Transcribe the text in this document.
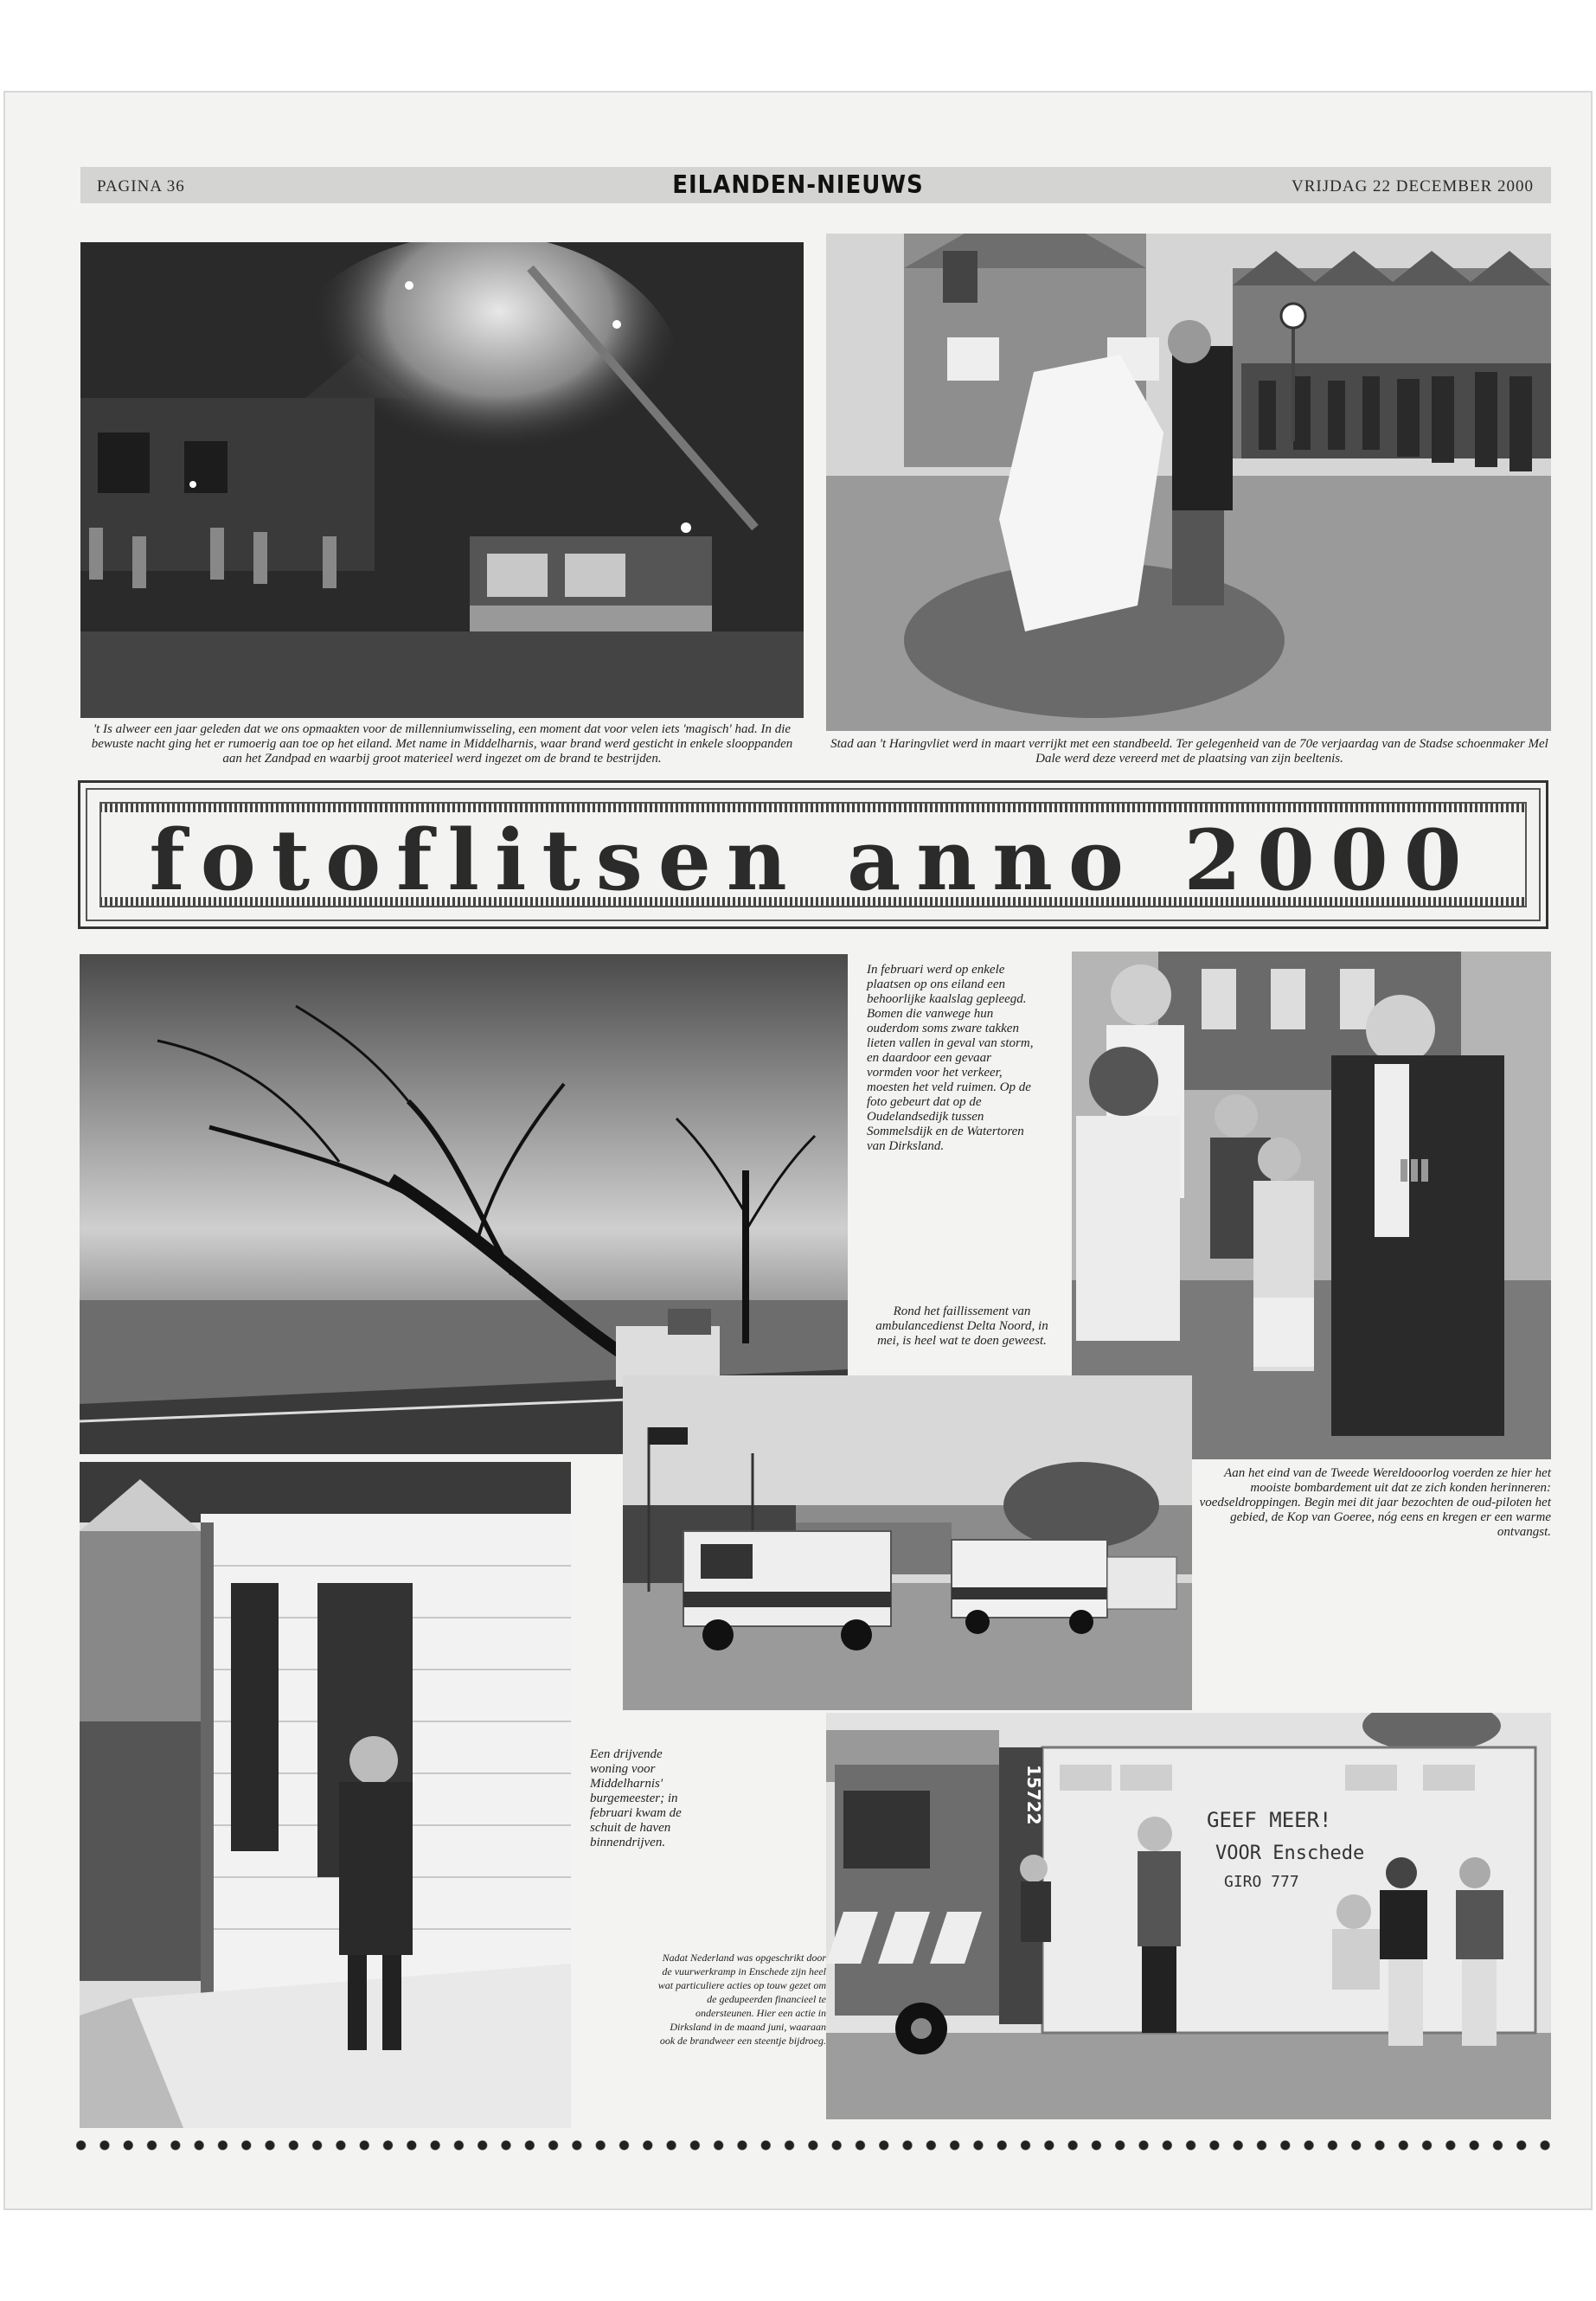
PAGINA 36	EILANDEN-NIEUWS	VRIJDAG 22 DECEMBER 2000
't Is alweer een jaar geleden dat we ons opmaakten voor de millenniumwisseling, een moment dat voor velen iets 'magisch' had. In die bewuste nacht ging het er rumoerig aan toe op het eiland. Met name in Middelharnis, waar brand werd gesticht in enkele slooppanden aan het Zandpad en waarbij groot materieel werd ingezet om de brand te bestrijden.
Stad aan 't Haringvliet werd in maart verrijkt met een standbeeld. Ter gelegenheid van de 70e verjaardag van de Stadse schoenmaker Mel Dale werd deze vereerd met de plaatsing van zijn beeltenis.
fotoflitsen anno 2000
In februari werd op enkele plaatsen op ons eiland een behoorlijke kaalslag gepleegd. Bomen die vanwege hun ouderdom soms zware takken lieten vallen in geval van storm, en daardoor een gevaar vormden voor het verkeer, moesten het veld ruimen. Op de foto gebeurt dat op de Oudelandsedijk tussen Sommelsdijk en de Watertoren van Dirksland.
Rond het faillissement van ambulancedienst Delta Noord, in mei, is heel wat te doen geweest.
Aan het eind van de Tweede Wereldooorlog voerden ze hier het mooiste bombardement uit dat ze zich konden herinneren: voedseldroppingen. Begin mei dit jaar bezochten de oud-piloten het gebied, de Kop van Goeree, nóg eens en kregen er een warme ontvangst.
Een drijvende woning voor Middelharnis' burgemeester; in februari kwam de schuit de haven binnendrijven.
Nadat Nederland was opgeschrikt door de vuurwerkramp in Enschede zijn heel wat particuliere acties op touw gezet om de gedupeerden financieel te ondersteunen. Hier een actie in Dirksland in de maand juni, waaraan ook de brandweer een steentje bijdroeg.
15722	GEEF MEER!
VOOR Enschede
GIRO 777
